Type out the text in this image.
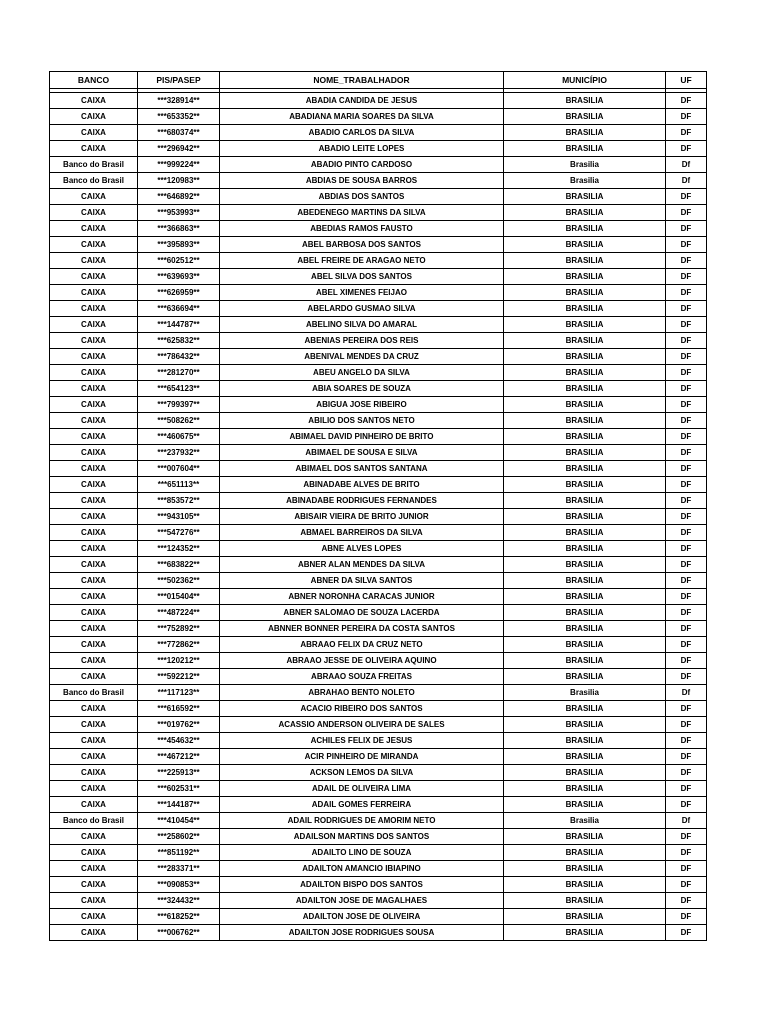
BANCO	PIS/PASEP	NOME_TRABALHADOR	MUNICÍPIO	UF

CAIXA	***328914**	ABADIA CANDIDA DE JESUS	BRASILIA	DF
CAIXA	***653352**	ABADIANA MARIA SOARES DA SILVA	BRASILIA	DF
CAIXA	***680374**	ABADIO CARLOS DA SILVA	BRASILIA	DF
CAIXA	***296942**	ABADIO LEITE LOPES	BRASILIA	DF
Banco do Brasil	***999224**	ABADIO PINTO CARDOSO	Brasilia	Df
Banco do Brasil	***120983**	ABDIAS DE SOUSA BARROS	Brasilia	Df
CAIXA	***646892**	ABDIAS DOS SANTOS	BRASILIA	DF
CAIXA	***953993**	ABEDENEGO MARTINS DA SILVA	BRASILIA	DF
CAIXA	***366863**	ABEDIAS RAMOS FAUSTO	BRASILIA	DF
CAIXA	***395893**	ABEL BARBOSA DOS SANTOS	BRASILIA	DF
CAIXA	***602512**	ABEL FREIRE DE ARAGAO NETO	BRASILIA	DF
CAIXA	***639693**	ABEL SILVA DOS SANTOS	BRASILIA	DF
CAIXA	***626959**	ABEL XIMENES FEIJAO	BRASILIA	DF
CAIXA	***636694**	ABELARDO GUSMAO SILVA	BRASILIA	DF
CAIXA	***144787**	ABELINO SILVA DO AMARAL	BRASILIA	DF
CAIXA	***625832**	ABENIAS PEREIRA DOS REIS	BRASILIA	DF
CAIXA	***786432**	ABENIVAL MENDES DA CRUZ	BRASILIA	DF
CAIXA	***281270**	ABEU ANGELO DA SILVA	BRASILIA	DF
CAIXA	***654123**	ABIA SOARES DE SOUZA	BRASILIA	DF
CAIXA	***799397**	ABIGUA JOSE RIBEIRO	BRASILIA	DF
CAIXA	***508262**	ABILIO DOS SANTOS NETO	BRASILIA	DF
CAIXA	***460675**	ABIMAEL DAVID PINHEIRO DE BRITO	BRASILIA	DF
CAIXA	***237932**	ABIMAEL DE SOUSA E SILVA	BRASILIA	DF
CAIXA	***007604**	ABIMAEL DOS SANTOS SANTANA	BRASILIA	DF
CAIXA	***651113**	ABINADABE ALVES DE BRITO	BRASILIA	DF
CAIXA	***853572**	ABINADABE RODRIGUES FERNANDES	BRASILIA	DF
CAIXA	***943105**	ABISAIR VIEIRA DE BRITO JUNIOR	BRASILIA	DF
CAIXA	***547276**	ABMAEL BARREIROS DA SILVA	BRASILIA	DF
CAIXA	***124352**	ABNE ALVES LOPES	BRASILIA	DF
CAIXA	***683822**	ABNER ALAN MENDES DA SILVA	BRASILIA	DF
CAIXA	***502362**	ABNER DA SILVA SANTOS	BRASILIA	DF
CAIXA	***015404**	ABNER NORONHA CARACAS JUNIOR	BRASILIA	DF
CAIXA	***487224**	ABNER SALOMAO DE SOUZA LACERDA	BRASILIA	DF
CAIXA	***752892**	ABNNER BONNER PEREIRA DA COSTA SANTOS	BRASILIA	DF
CAIXA	***772862**	ABRAAO FELIX DA CRUZ NETO	BRASILIA	DF
CAIXA	***120212**	ABRAAO JESSE DE OLIVEIRA AQUINO	BRASILIA	DF
CAIXA	***592212**	ABRAAO SOUZA FREITAS	BRASILIA	DF
Banco do Brasil	***117123**	ABRAHAO BENTO NOLETO	Brasilia	Df
CAIXA	***616592**	ACACIO RIBEIRO DOS SANTOS	BRASILIA	DF
CAIXA	***019762**	ACASSIO ANDERSON OLIVEIRA DE SALES	BRASILIA	DF
CAIXA	***454632**	ACHILES FELIX DE JESUS	BRASILIA	DF
CAIXA	***467212**	ACIR PINHEIRO DE MIRANDA	BRASILIA	DF
CAIXA	***225913**	ACKSON LEMOS DA SILVA	BRASILIA	DF
CAIXA	***602531**	ADAIL DE OLIVEIRA LIMA	BRASILIA	DF
CAIXA	***144187**	ADAIL GOMES FERREIRA	BRASILIA	DF
Banco do Brasil	***410454**	ADAIL RODRIGUES DE AMORIM NETO	Brasilia	Df
CAIXA	***258602**	ADAILSON MARTINS DOS SANTOS	BRASILIA	DF
CAIXA	***851192**	ADAILTO LINO DE SOUZA	BRASILIA	DF
CAIXA	***283371**	ADAILTON AMANCIO IBIAPINO	BRASILIA	DF
CAIXA	***090853**	ADAILTON BISPO DOS SANTOS	BRASILIA	DF
CAIXA	***324432**	ADAILTON JOSE DE MAGALHAES	BRASILIA	DF
CAIXA	***618252**	ADAILTON JOSE DE OLIVEIRA	BRASILIA	DF
CAIXA	***006762**	ADAILTON JOSE RODRIGUES SOUSA	BRASILIA	DF
